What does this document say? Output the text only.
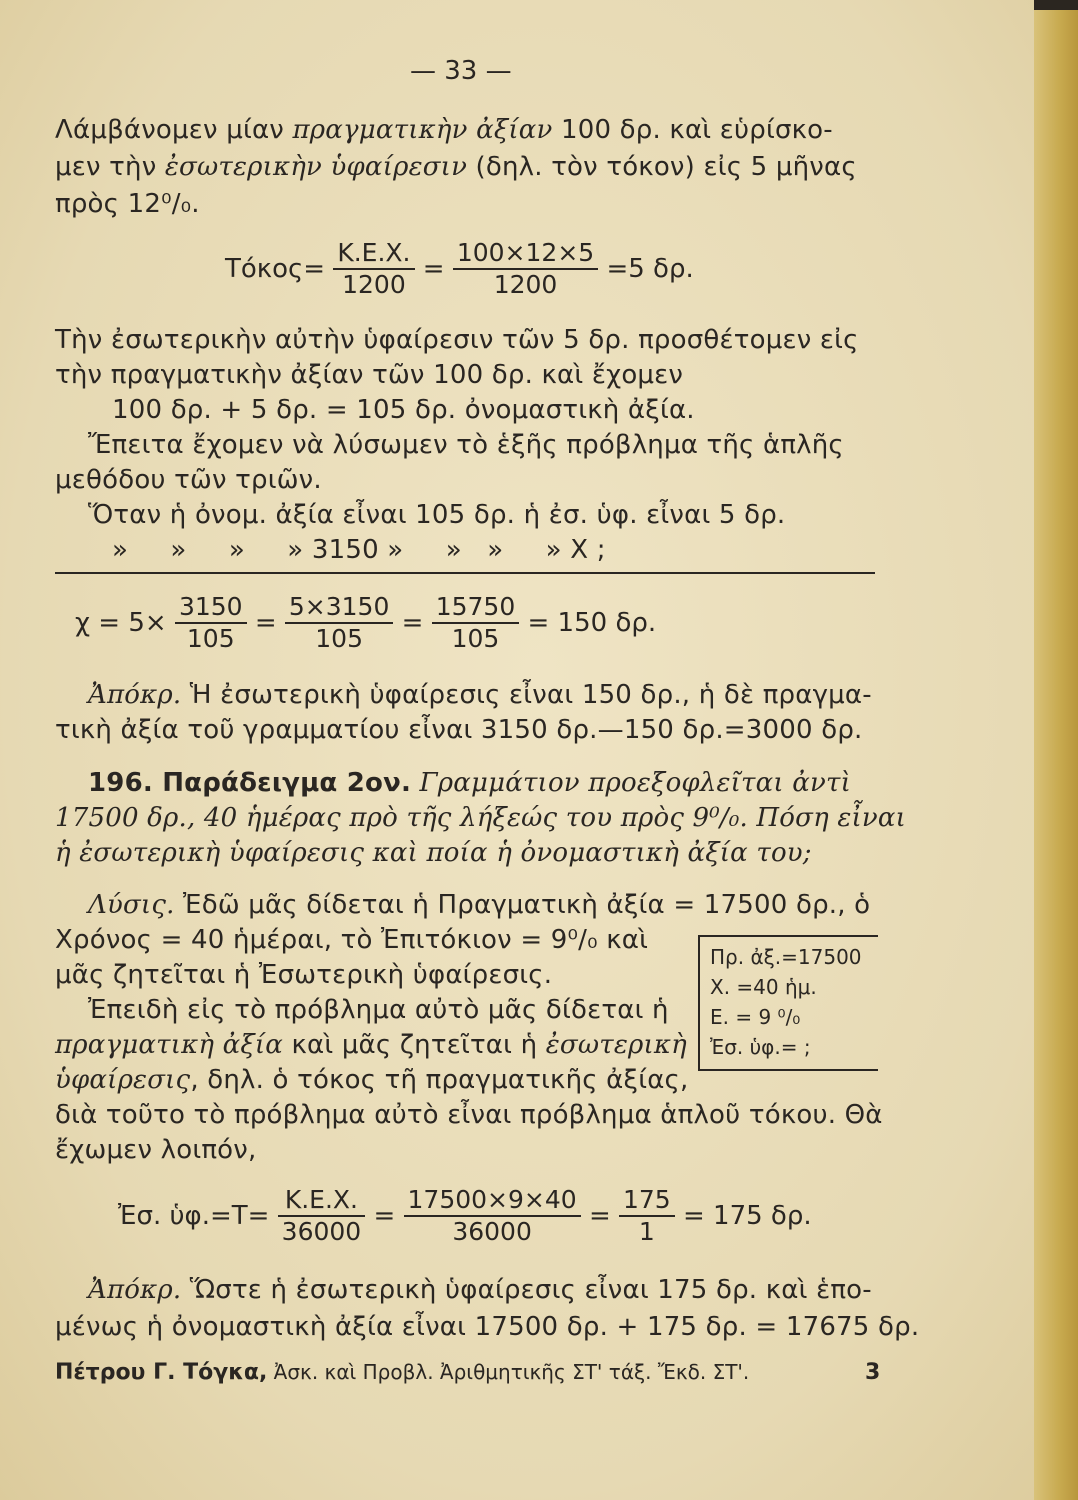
— 33 —
Λάμβάνομεν μίαν πραγματικὴν ἀξίαν 100 δρ. καὶ εὑρίσκο-
μεν τὴν ἐσωτερικὴν ὑφαίρεσιν (δηλ. τὸν τόκον) εἰς 5 μῆνας
πρὸς 12⁰/₀.
$Tό\kappa o\varsigma= \frac{K.E.X.}{1200} = \frac{100\times 12\times 5}{1200} =5$ δρ.
Τὴν ἐσωτερικὴν αὐτὴν ὑφαίρεσιν τῶν 5 δρ. προσθέτομεν εἰς
τὴν πραγματικὴν ἀξίαν τῶν 100 δρ. καὶ ἔχομεν
100 δρ. + 5 δρ. = 105 δρ. ὀνομαστικὴ ἀξία.
Ἔπειτα ἔχομεν νὰ λύσωμεν τὸ ἑξῆς πρόβλημα τῆς ἁπλῆς
μεθόδου τῶν τριῶν.
Ὅταν ἡ ὀνομ. ἀξία εἶναι 105 δρ. ἡ ἐσ. ὑφ. εἶναι 5 δρ.
»     »     »     » 3150 »     »   »     » Χ ;
$\chi = 5\times \frac{3150}{105} = \frac{5\times 3150}{105} = \frac{15750}{105} = 150$ δρ.
Ἀπόκρ. Ἡ ἐσωτερικὴ ὑφαίρεσις εἶναι 150 δρ., ἡ δὲ πραγμα-
τικὴ ἀξία τοῦ γραμματίου εἶναι 3150 δρ.—150 δρ.=3000 δρ.
196. Παράδειγμα 2ον. Γραμμάτιον προεξοφλεῖται ἀντὶ
17500 δρ., 40 ἡμέρας πρὸ τῆς λήξεώς του πρὸς 9⁰/₀. Πόση εἶναι
ἡ ἐσωτερικὴ ὑφαίρεσις καὶ ποία ἡ ὀνομαστικὴ ἀξία του;
Λύσις. Ἐδῶ μᾶς δίδεται ἡ Πραγματικὴ ἀξία = 17500 δρ., ὁ
Χρόνος = 40 ἡμέραι, τὸ Ἐπιτόκιον = 9⁰/₀ καὶ
μᾶς ζητεῖται ἡ Ἐσωτερικὴ ὑφαίρεσις.
Ἐπειδὴ εἰς τὸ πρόβλημα αὐτὸ μᾶς δίδεται ἡ
πραγματικὴ ἀξία καὶ μᾶς ζητεῖται ἡ ἐσωτερικὴ
ὑφαίρεσις, δηλ. ὁ τόκος τῆ πραγματικῆς ἀξίας,
διὰ τοῦτο τὸ πρόβλημα αὐτὸ εἶναι πρόβλημα ἁπλοῦ τόκου. Θὰ
ἔχωμεν λοιπόν,
Πρ. ἀξ.=17500
Χ. =40 ἡμ.
Ε. = 9 ⁰/₀
Ἐσ. ὑφ.= ;
Ἐσ. ὑφ.=Τ= $\frac{K.E.X.}{36000} = \frac{17500\times 9\times 40}{36000} = \frac{175}{1} = 175$ δρ.
Ἀπόκρ. Ὥστε ἡ ἐσωτερικὴ ὑφαίρεσις εἶναι 175 δρ. καὶ ἑπο-
μένως ἡ ὀνομαστικὴ ἀξία εἶναι 17500 δρ. + 175 δρ. = 17675 δρ.
Πέτρου Γ. Τόγκα, Ἀσκ. καὶ Προβλ. Ἀριθμητικῆς ΣΤ' τάξ. Ἔκδ. ΣΤ'.	3
